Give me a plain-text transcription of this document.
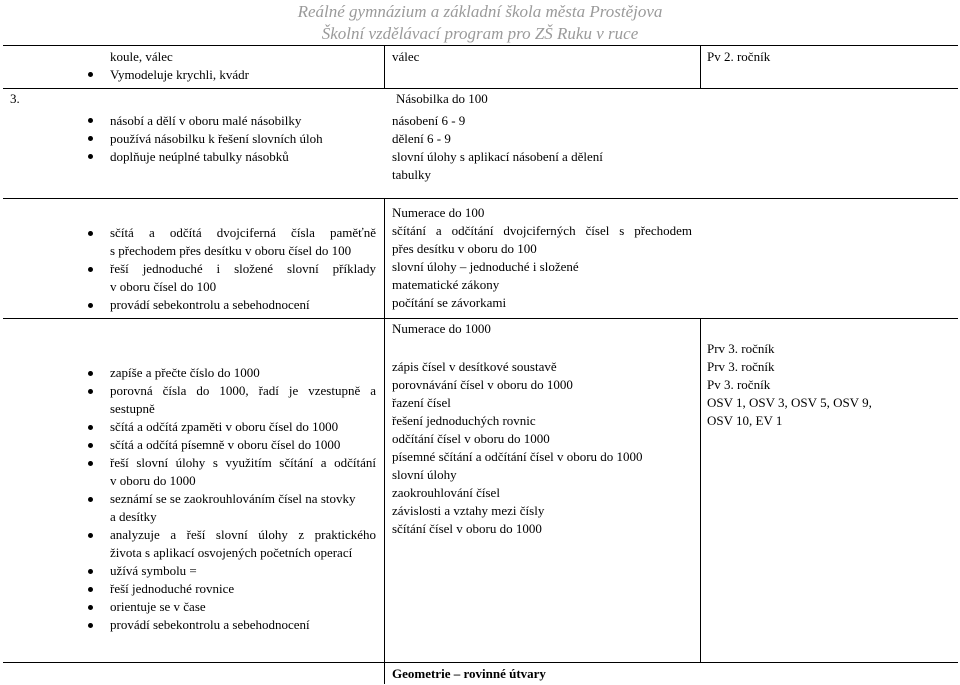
Reálné gymnázium a základní škola města Prostějova
Školní vzdělávací program pro ZŠ Ruku v ruce
koule, válec
Vymodeluje krychli, kvádr
válec	Pv 2. ročník
3.	Násobilka do 100
násobí a dělí v oboru malé násobilky
používá násobilku k řešení slovních úloh
doplňuje neúplné tabulky násobků
násobení 6 - 9
dělení 6 - 9
slovní úlohy s aplikací násobení a dělení
tabulky
Numerace do 100
sčítá a odčítá dvojciferná čísla paměťně
s přechodem přes desítku v oboru čísel do 100
řeší jednoduché i složené slovní příklady
v oboru čísel do 100
provádí sebekontrolu a sebehodnocení
sčítání a odčítání dvojciferných čísel s přechodem
přes desítku v oboru do 100
slovní úlohy – jednoduché i složené
matematické zákony
počítání se závorkami
Numerace do 1000
zapíše a přečte číslo do 1000
porovná čísla do 1000, řadí je vzestupně a
sestupně
sčítá a odčítá zpaměti v oboru čísel do 1000
sčítá a odčítá písemně v oboru čísel do 1000
řeší slovní úlohy s využitím sčítání a odčítání
v oboru do 1000
seznámí se se zaokrouhlováním čísel na stovky
a desítky
analyzuje a řeší slovní úlohy z praktického
života s aplikací osvojených početních operací
užívá symbolu =
řeší jednoduché rovnice
orientuje se v čase
provádí sebekontrolu a sebehodnocení
zápis čísel v desítkové soustavě
porovnávání čísel v oboru do 1000
řazení čísel
řešení jednoduchých rovnic
odčítání čísel v oboru do 1000
písemné sčítání a odčítání čísel v oboru do 1000
slovní úlohy
zaokrouhlování čísel
závislosti a vztahy mezi čísly
sčítání čísel v oboru do 1000
Prv 3. ročník
Prv 3. ročník
Pv 3. ročník
OSV 1, OSV 3, OSV 5, OSV 9,
OSV 10, EV 1
Geometrie – rovinné útvary
